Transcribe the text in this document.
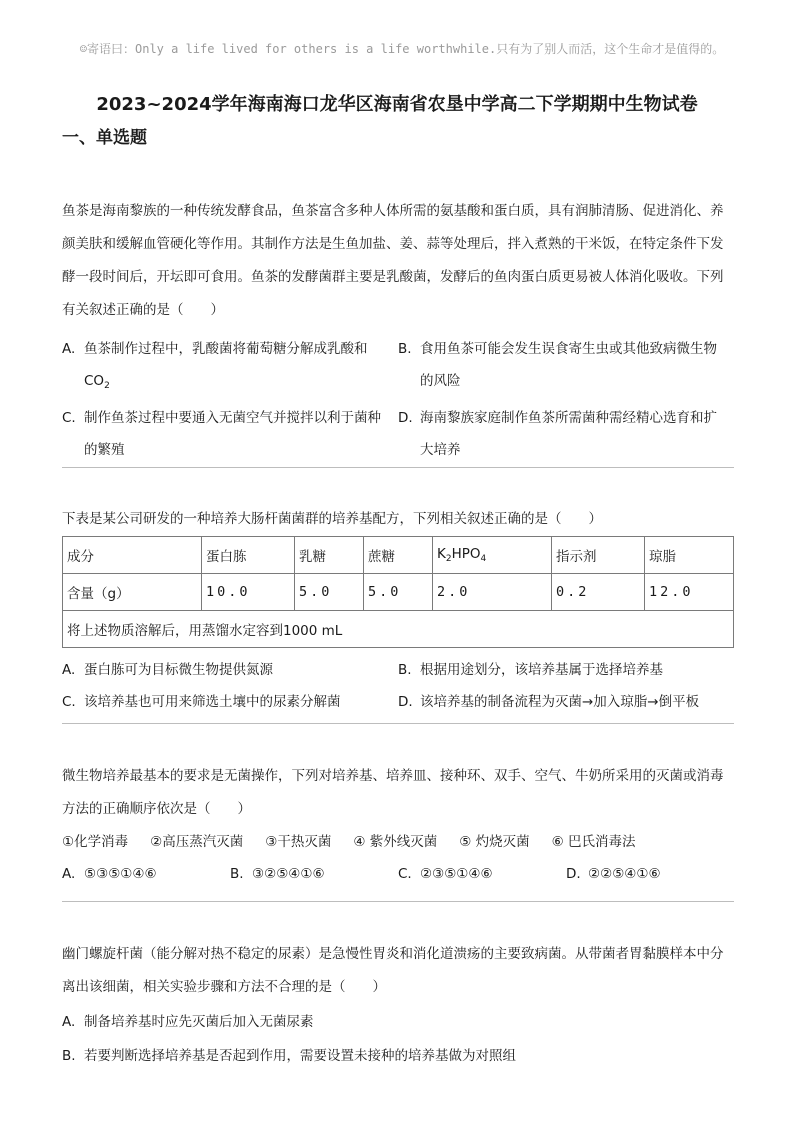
☺寄语曰：Only a life lived for others is a life worthwhile.只有为了别人而活，这个生命才是值得的。
2023~2024学年海南海口龙华区海南省农垦中学高二下学期期中生物试卷
一、单选题

鱼茶是海南黎族的一种传统发酵食品，鱼茶富含多种人体所需的氨基酸和蛋白质，具有润肺清肠、促进消化、养颜美肤和缓解血管硬化等作用。其制作方法是生鱼加盐、姜、蒜等处理后，拌入煮熟的干米饭，在特定条件下发酵一段时间后，开坛即可食用。鱼茶的发酵菌群主要是乳酸菌，发酵后的鱼肉蛋白质更易被人体消化吸收。下列有关叙述正确的是（　　）

A. 鱼茶制作过程中，乳酸菌将葡萄糖分解成乳酸和$CO_2$
B. 食用鱼茶可能会发生误食寄生虫或其他致病微生物的风险
C. 制作鱼茶过程中要通入无菌空气并搅拌以利于菌种的繁殖
D. 海南黎族家庭制作鱼茶所需菌种需经精心选育和扩大培养

下表是某公司研发的一种培养大肠杆菌菌群的培养基配方，下列相关叙述正确的是（　　）

成分	蛋白胨	乳糖	蔗糖	$K_2HPO_4$	指示剂	琼脂
含量（g）	10.0	5.0	5.0	2.0	0.2	12.0
将上述物质溶解后，用蒸馏水定容到1000 mL						
A. 蛋白胨可为目标微生物提供氮源	B. 根据用途划分，该培养基属于选择培养基
C. 该培养基也可用来筛选土壤中的尿素分解菌	D. 该培养基的制备流程为灭菌→加入琼脂→倒平板

微生物培养最基本的要求是无菌操作，下列对培养基、培养皿、接种环、双手、空气、牛奶所采用的灭菌或消毒方法的正确顺序依次是（　　）

①化学消毒 ②高压蒸汽灭菌 ③干热灭菌 ④ 紫外线灭菌 ⑤ 灼烧灭菌 ⑥ 巴氏消毒法
A. ⑤③⑤①④⑥	B. ③②⑤④①⑥	C. ②③⑤①④⑥	D. ②②⑤④①⑥

幽门螺旋杆菌（能分解对热不稳定的尿素）是急慢性胃炎和消化道溃疡的主要致病菌。从带菌者胃黏膜样本中分离出该细菌，相关实验步骤和方法不合理的是（　　）

A. 制备培养基时应先灭菌后加入无菌尿素
B. 若要判断选择培养基是否起到作用，需要设置未接种的培养基做为对照组
